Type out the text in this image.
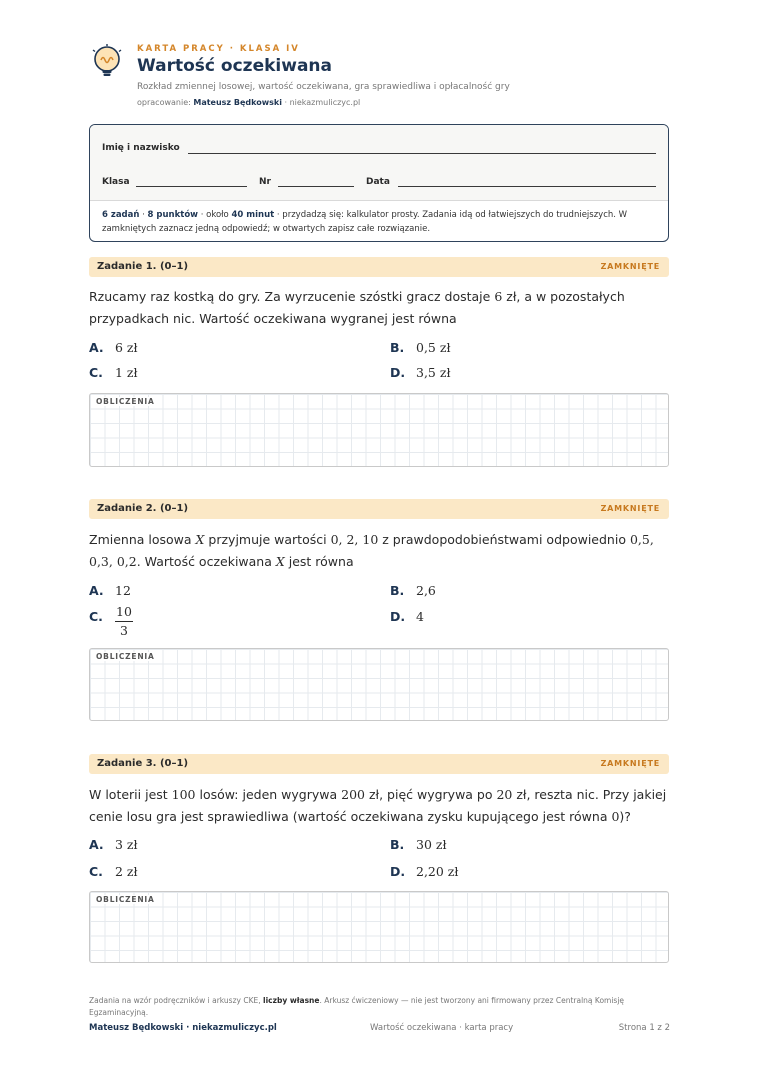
KARTA PRACY · KLASA IV
Wartość oczekiwana
Rozkład zmiennej losowej, wartość oczekiwana, gra sprawiedliwa i opłacalność gry
opracowanie: Mateusz Będkowski · niekazmuliczyc.pl
Imię i nazwisko
Klasa	Nr	Data
6 zadań · 8 punktów · około 40 minut · przydadzą się: kalkulator prosty. Zadania idą od łatwiejszych do trudniejszych. W zamkniętych zaznacz jedną odpowiedź; w otwartych zapisz całe rozwiązanie.
Zadanie 1. (0–1)	ZAMKNIĘTE
Rzucamy raz kostką do gry. Za wyrzucenie szóstki gracz dostaje 6 zł, a w pozostałych przypadkach nic. Wartość oczekiwana wygranej jest równa
A. 6 zł	B. 0,5 zł
C. 1 zł	D. 3,5 zł
OBLICZENIA
Zadanie 2. (0–1)	ZAMKNIĘTE
Zmienna losowa X przyjmuje wartości 0, 2, 10 z prawdopodobieństwami odpowiednio 0,5, 0,3, 0,2. Wartość oczekiwana X jest równa
A. 12	B. 2,6
C.	10
3
D. 4
OBLICZENIA
Zadanie 3. (0–1)	ZAMKNIĘTE
W loterii jest 100 losów: jeden wygrywa 200 zł, pięć wygrywa po 20 zł, reszta nic. Przy jakiej cenie losu gra jest sprawiedliwa (wartość oczekiwana zysku kupującego jest równa 0)?
A. 3 zł	B. 30 zł
C. 2 zł	D. 2,20 zł
OBLICZENIA
Zadania na wzór podręczników i arkuszy CKE, liczby własne. Arkusz ćwiczeniowy — nie jest tworzony ani firmowany przez Centralną Komisję Egzaminacyjną.
Mateusz Będkowski · niekazmuliczyc.pl	Wartość oczekiwana · karta pracy	Strona 1 z 2
